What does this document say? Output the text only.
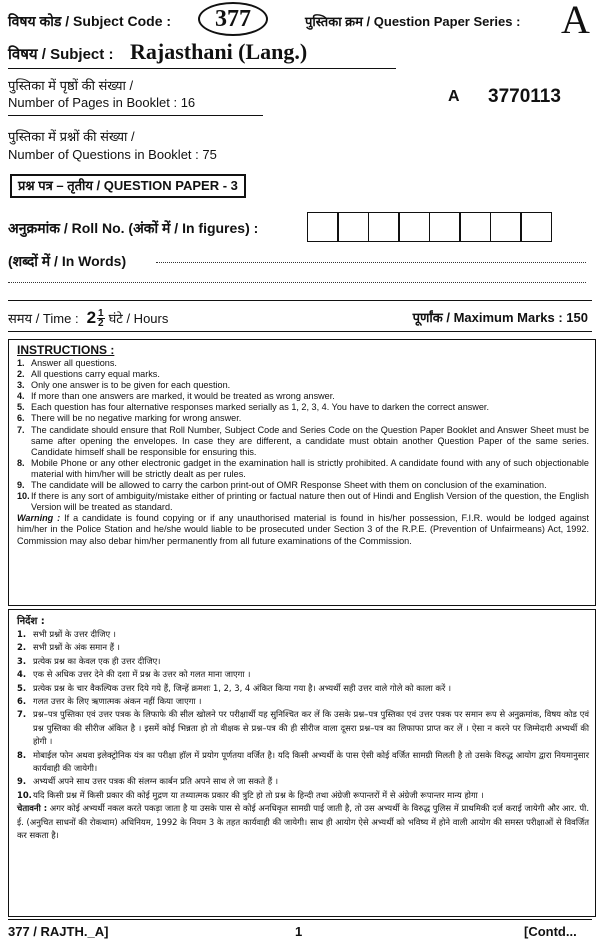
विषय कोड / Subject Code :	377	पुस्तिका क्रम / Question Paper Series : A
विषय / Subject : Rajasthani (Lang.)
पुस्तिका में पृष्ठों की संख्या /
Number of Pages in Booklet : 16	A 3770113
पुस्तिका में प्रश्नों की संख्या /
Number of Questions in Booklet : 75
प्रश्न पत्र – तृतीय / QUESTION PAPER - 3
अनुक्रमांक / Roll No. (अंकों में / In figures) :
(शब्दों में / In Words)
समय / Time : $2 \frac{1}{2}$ घंटे / Hours	पूर्णांक / Maximum Marks : 150
INSTRUCTIONS :
1. Answer all questions.
2. All questions carry equal marks.
3. Only one answer is to be given for each question.
4. If more than one answers are marked, it would be treated as wrong answer.
5. Each question has four alternative responses marked serially as 1, 2, 3, 4. You have to darken the correct answer.
6. There will be no negative marking for wrong answer.
7. The candidate should ensure that Roll Number, Subject Code and Series Code on the Question Paper Booklet and Answer Sheet must be same after opening the envelopes. In case they are different, a candidate must obtain another Question Paper of the same series. Candidate himself shall be responsible for ensuring this.
8. Mobile Phone or any other electronic gadget in the examination hall is strictly prohibited. A candidate found with any of such objectionable material with him/her will be strictly dealt as per rules.
9. The candidate will be allowed to carry the carbon print-out of OMR Response Sheet with them on conclusion of the examination.
10. If there is any sort of ambiguity/mistake either of printing or factual nature then out of Hindi and English Version of the question, the English Version will be treated as standard.
Warning : If a candidate is found copying or if any unauthorised material is found in his/her possession, F.I.R. would be lodged against him/her in the Police Station and he/she would liable to be prosecuted under Section 3 of the R.P.E. (Prevention of Unfairmeans) Act, 1992. Commission may also debar him/her permanently from all future examinations of the Commission.
निर्देश :
1. सभी प्रश्नों के उत्तर दीजिए ।
2. सभी प्रश्नों के अंक समान हैं ।
3. प्रत्येक प्रश्न का केवल एक ही उत्तर दीजिए।
4. एक से अधिक उत्तर देने की दशा में प्रश्न के उत्तर को गलत माना जाएगा ।
5. प्रत्येक प्रश्न के चार वैकल्पिक उत्तर दिये गये हैं, जिन्हें क्रमशः 1, 2, 3, 4 अंकित किया गया है। अभ्यर्थी सही उत्तर वाले गोले को काला करें ।
6. गलत उत्तर के लिए ऋणात्मक अंकन नहीं किया जाएगा ।
7. प्रश्न–पत्र पुस्तिका एवं उत्तर पत्रक के लिफाफे की सील खोलने पर परीक्षार्थी यह सुनिश्चित कर लें कि उसके प्रश्न–पत्र पुस्तिका एवं उत्तर पत्रक पर समान रूप से अनुक्रमांक, विषय कोड एवं प्रश्न पुस्तिका की सीरीज अंकित है । इसमें कोई भिन्नता हो तो वीक्षक से प्रश्न–पत्र की ही सीरीज वाला दूसरा प्रश्न–पत्र का लिफाफा प्राप्त कर लें । ऐसा न करने पर जिम्मेदारी अभ्यर्थी की होगी ।
8. मोबाईल फोन अथवा इलेक्ट्रोनिक यंत्र का परीक्षा हॉल में प्रयोग पूर्णतया वर्जित है। यदि किसी अभ्यर्थी के पास ऐसी कोई वर्जित सामग्री मिलती है तो उसके विरुद्ध आयोग द्वारा नियमानुसार कार्यवाही की जायेगी।
9. अभ्यर्थी अपने साथ उत्तर पत्रक की संलग्न कार्बन प्रति अपने साथ ले जा सकते हैं ।
10. यदि किसी प्रश्न में किसी प्रकार की कोई मुद्रण या तथ्यात्मक प्रकार की त्रुटि हो तो प्रश्न के हिन्दी तथा अंग्रेजी रूपान्तरों में से अंग्रेजी रूपान्तर मान्य होगा ।
चेतावनी : अगर कोई अभ्यर्थी नकल करते पकड़ा जाता है या उसके पास से कोई अनधिकृत सामग्री पाई जाती है, तो उस अभ्यर्थी के विरुद्ध पुलिस में प्राथमिकी दर्ज कराई जायेगी और आर. पी. ई. (अनुचित साधनों की रोकथाम) अधिनियम, 1992 के नियम 3 के तहत कार्यवाही की जायेगी। साथ ही आयोग ऐसे अभ्यर्थी को भविष्य में होने वाली आयोग की समस्त परीक्षाओं से विवर्जित कर सकता है।
377 / RAJTH._A]	1	[Contd...
